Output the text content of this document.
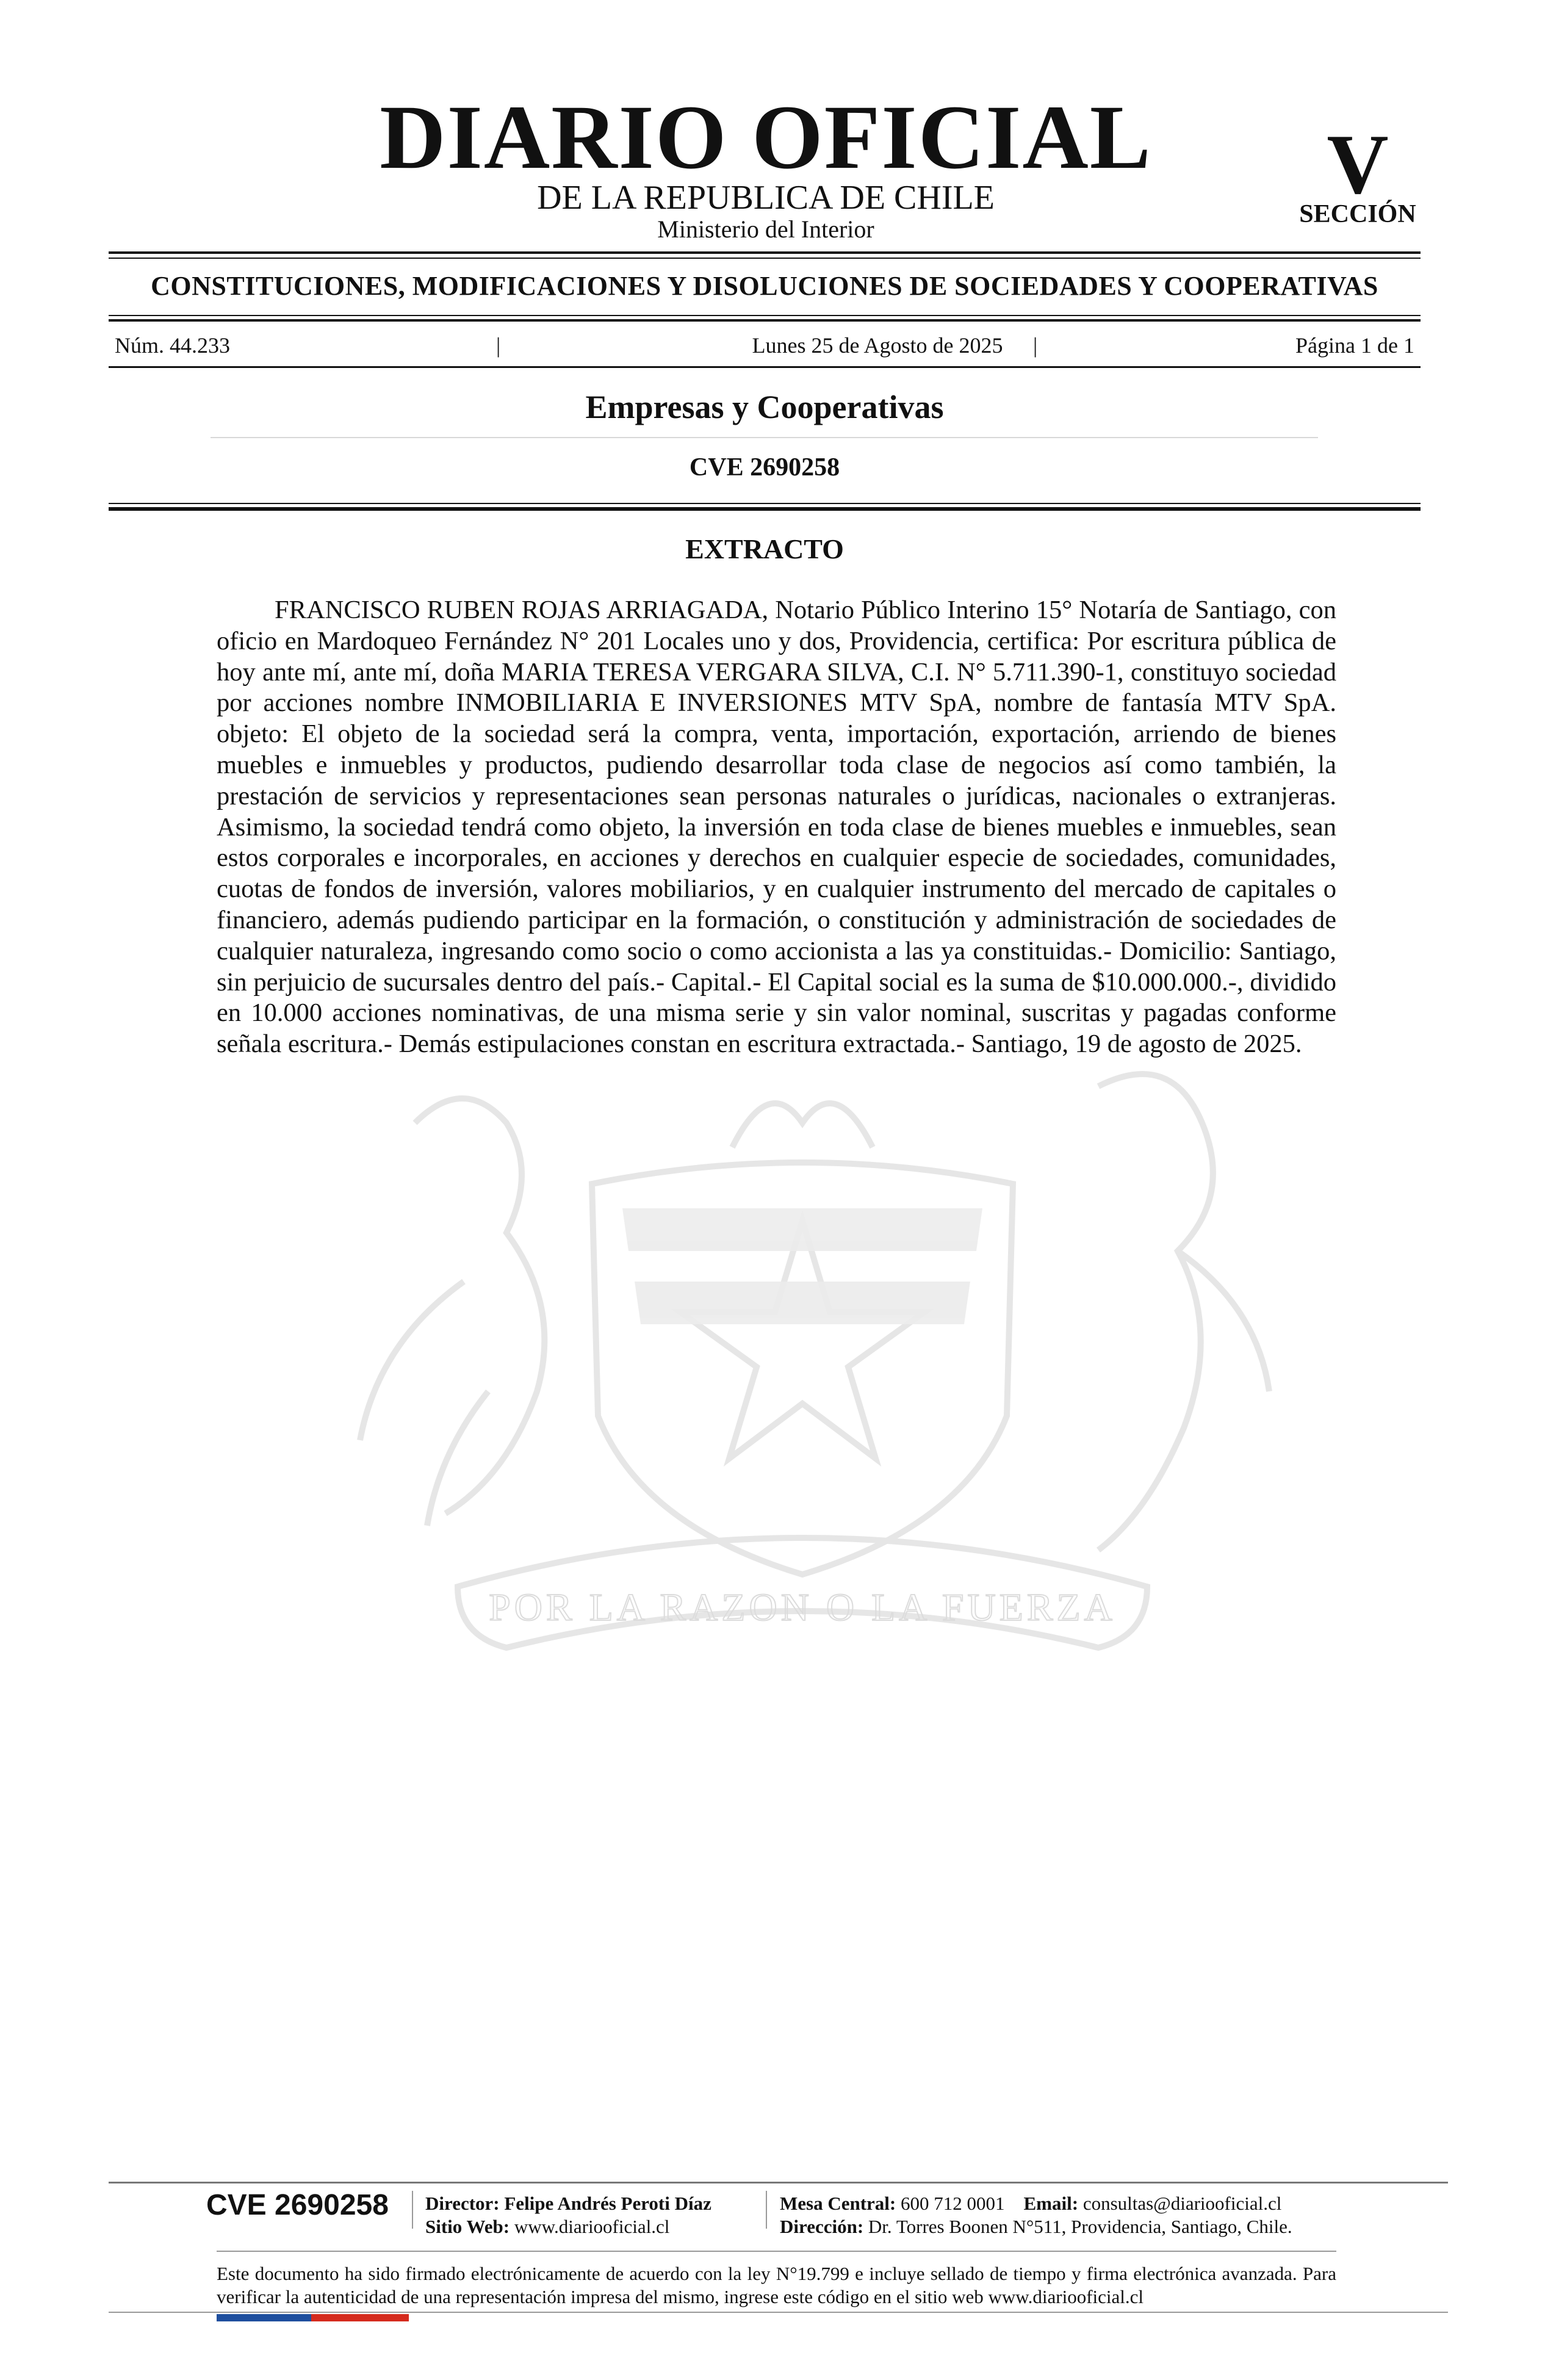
DIARIO OFICIAL
DE LA REPUBLICA DE CHILE
Ministerio del Interior
V
SECCIÓN
CONSTITUCIONES, MODIFICACIONES Y DISOLUCIONES DE SOCIEDADES Y COOPERATIVAS
Núm. 44.233	|	Lunes 25 de Agosto de 2025	|	Página 1 de 1
Empresas y Cooperativas
CVE 2690258
POR LA RAZON O LA FUERZA
EXTRACTO

FRANCISCO RUBEN ROJAS ARRIAGADA, Notario Público Interino 15° Notaría de Santiago, con oficio en Mardoqueo Fernández N° 201 Locales uno y dos, Providencia, certifica: Por escritura pública de hoy ante mí, ante mí, doña MARIA TERESA VERGARA SILVA, C.I. N° 5.711.390-1, constituyo sociedad por acciones nombre INMOBILIARIA E INVERSIONES MTV SpA, nombre de fantasía MTV SpA. objeto: El objeto de la sociedad será la compra, venta, importación, exportación, arriendo de bienes muebles e inmuebles y productos, pudiendo desarrollar toda clase de negocios así como también, la prestación de servicios y representaciones sean personas naturales o jurídicas, nacionales o extranjeras. Asimismo, la sociedad tendrá como objeto, la inversión en toda clase de bienes muebles e inmuebles, sean estos corporales e incorporales, en acciones y derechos en cualquier especie de sociedades, comunidades, cuotas de fondos de inversión, valores mobiliarios, y en cualquier instrumento del mercado de capitales o financiero, además pudiendo participar en la formación, o constitución y administración de sociedades de cualquier naturaleza, ingresando como socio o como accionista a las ya constituidas.- Domicilio: Santiago, sin perjuicio de sucursales dentro del país.- Capital.- El Capital social es la suma de $10.000.000.-, dividido en 10.000 acciones nominativas, de una misma serie y sin valor nominal, suscritas y pagadas conforme señala escritura.- Demás estipulaciones constan en escritura extractada.- Santiago, 19 de agosto de 2025.

CVE 2690258 Director: Felipe Andrés Peroti Díaz
Sitio Web: www.diariooficial.cl
Mesa Central: 600 712 0001 Email: consultas@diariooficial.cl
Dirección: Dr. Torres Boonen N°511, Providencia, Santiago, Chile.

Este documento ha sido firmado electrónicamente de acuerdo con la ley N°19.799 e incluye sellado de tiempo y firma electrónica avanzada. Para verificar la autenticidad de una representación impresa del mismo, ingrese este código en el sitio web www.diariooficial.cl
